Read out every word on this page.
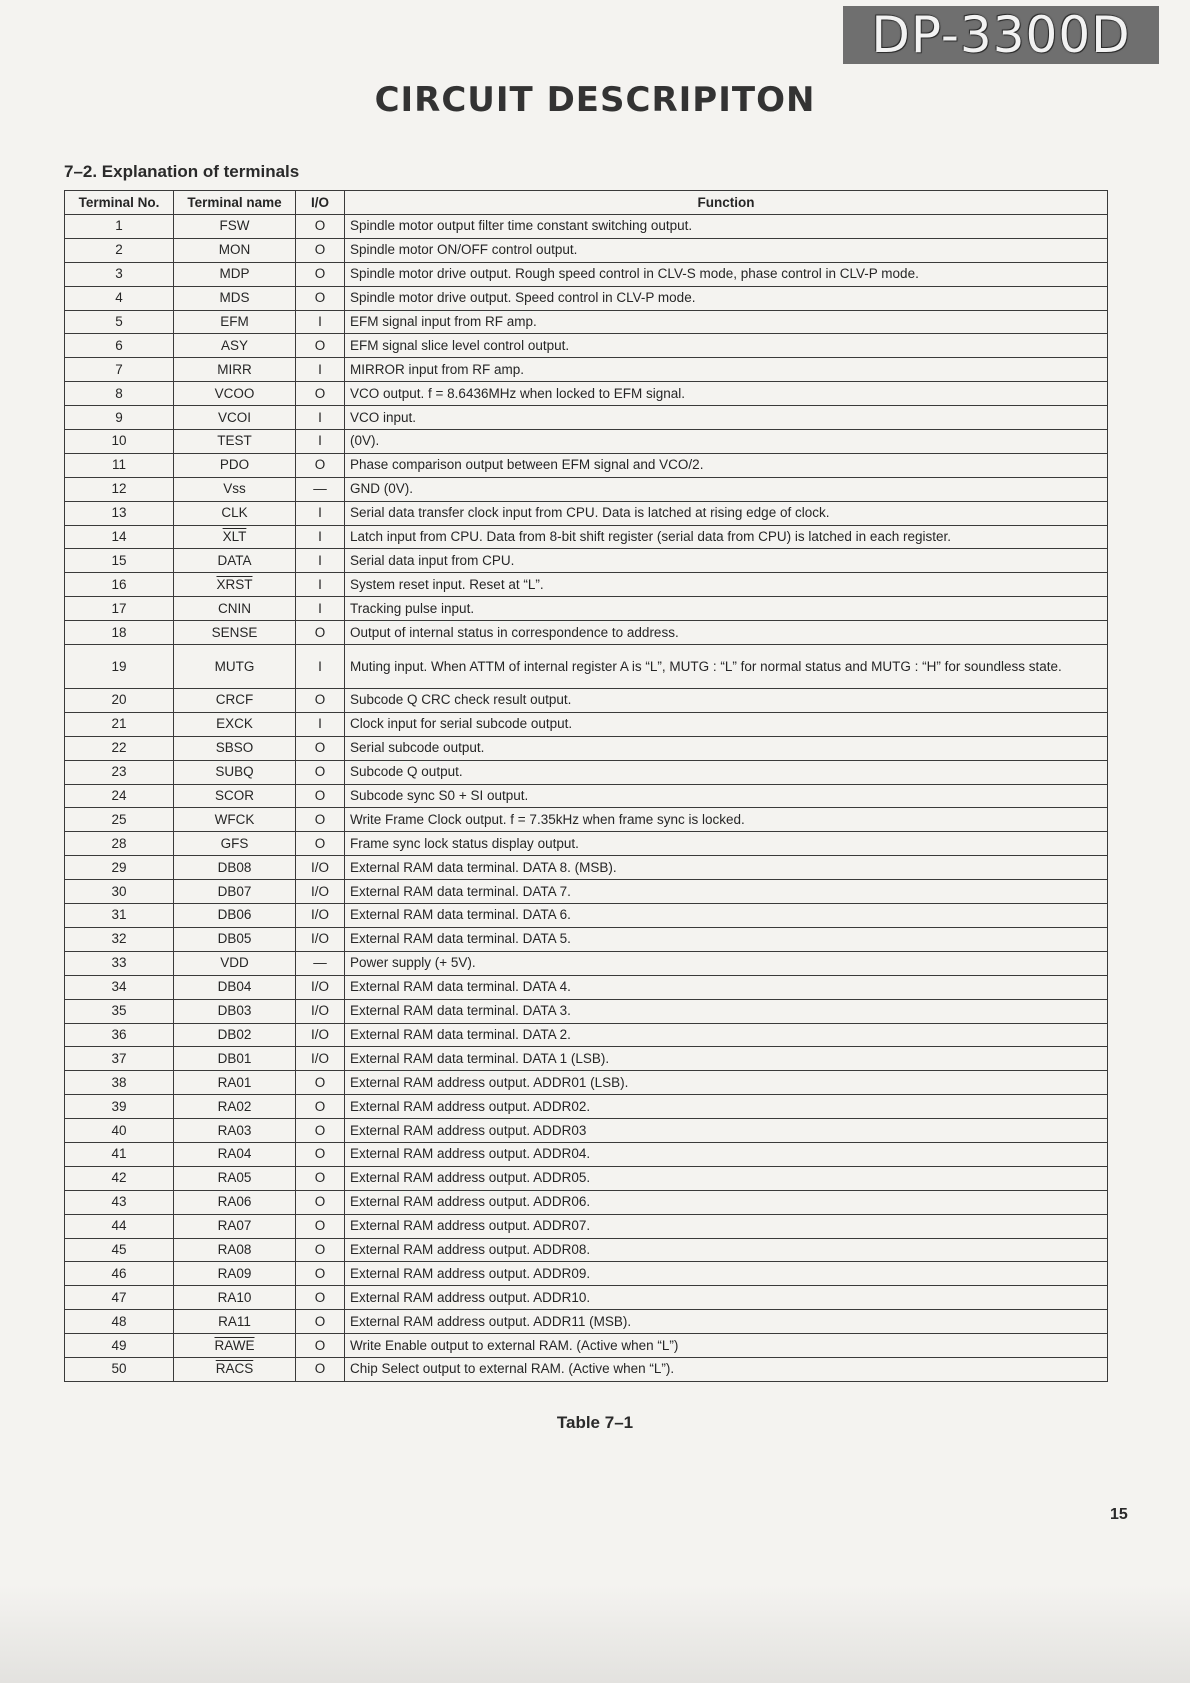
DP-3300D
CIRCUIT DESCRIPITON
7–2. Explanation of terminals
Terminal No.	Terminal name	I/O	Function
1	FSW	O	Spindle motor output filter time constant switching output.
2	MON	O	Spindle motor ON/OFF control output.
3	MDP	O	Spindle motor drive output. Rough speed control in CLV-S mode, phase control in CLV-P mode.
4	MDS	O	Spindle motor drive output. Speed control in CLV-P mode.
5	EFM	I	EFM signal input from RF amp.
6	ASY	O	EFM signal slice level control output.
7	MIRR	I	MIRROR input from RF amp.
8	VCOO	O	VCO output. f = 8.6436MHz when locked to EFM signal.
9	VCOI	I	VCO input.
10	TEST	I	(0V).
11	PDO	O	Phase comparison output between EFM signal and VCO/2.
12	Vss	—	GND (0V).
13	CLK	I	Serial data transfer clock input from CPU. Data is latched at rising edge of clock.
14	$\overline{XLT}$	I	Latch input from CPU. Data from 8-bit shift register (serial data from CPU) is latched in each register.
15	DATA	I	Serial data input from CPU.
16	XRST	I	System reset input. Reset at “L”.
17	CNIN	I	Tracking pulse input.
18	SENSE	O	Output of internal status in correspondence to address.
19	MUTG	I	Muting input. When ATTM of internal register A is “L”, MUTG : “L” for normal status and MUTG : “H” for soundless state.
20	CRCF	O	Subcode Q CRC check result output.
21	EXCK	I	Clock input for serial subcode output.
22	SBSO	O	Serial subcode output.
23	SUBQ	O	Subcode Q output.
24	SCOR	O	Subcode sync S0 + SI output.
25	WFCK	O	Write Frame Clock output. f = 7.35kHz when frame sync is locked.
28	GFS	O	Frame sync lock status display output.
29	DB08	I/O	External RAM data terminal. DATA 8. (MSB).
30	DB07	I/O	External RAM data terminal. DATA 7.
31	DB06	I/O	External RAM data terminal. DATA 6.
32	DB05	I/O	External RAM data terminal. DATA 5.
33	VDD	—	Power supply (+ 5V).
34	DB04	I/O	External RAM data terminal. DATA 4.
35	DB03	I/O	External RAM data terminal. DATA 3.
36	DB02	I/O	External RAM data terminal. DATA 2.
37	DB01	I/O	External RAM data terminal. DATA 1 (LSB).
38	RA01	O	External RAM address output. ADDR01 (LSB).
39	RA02	O	External RAM address output. ADDR02.
40	RA03	O	External RAM address output. ADDR03
41	RA04	O	External RAM address output. ADDR04.
42	RA05	O	External RAM address output. ADDR05.
43	RA06	O	External RAM address output. ADDR06.
44	RA07	O	External RAM address output. ADDR07.
45	RA08	O	External RAM address output. ADDR08.
46	RA09	O	External RAM address output. ADDR09.
47	RA10	O	External RAM address output. ADDR10.
48	RA11	O	External RAM address output. ADDR11 (MSB).
49	RAWE	O	Write Enable output to external RAM. (Active when “L”)
50	RACS	O	Chip Select output to external RAM. (Active when “L”).
Table 7–1
15
